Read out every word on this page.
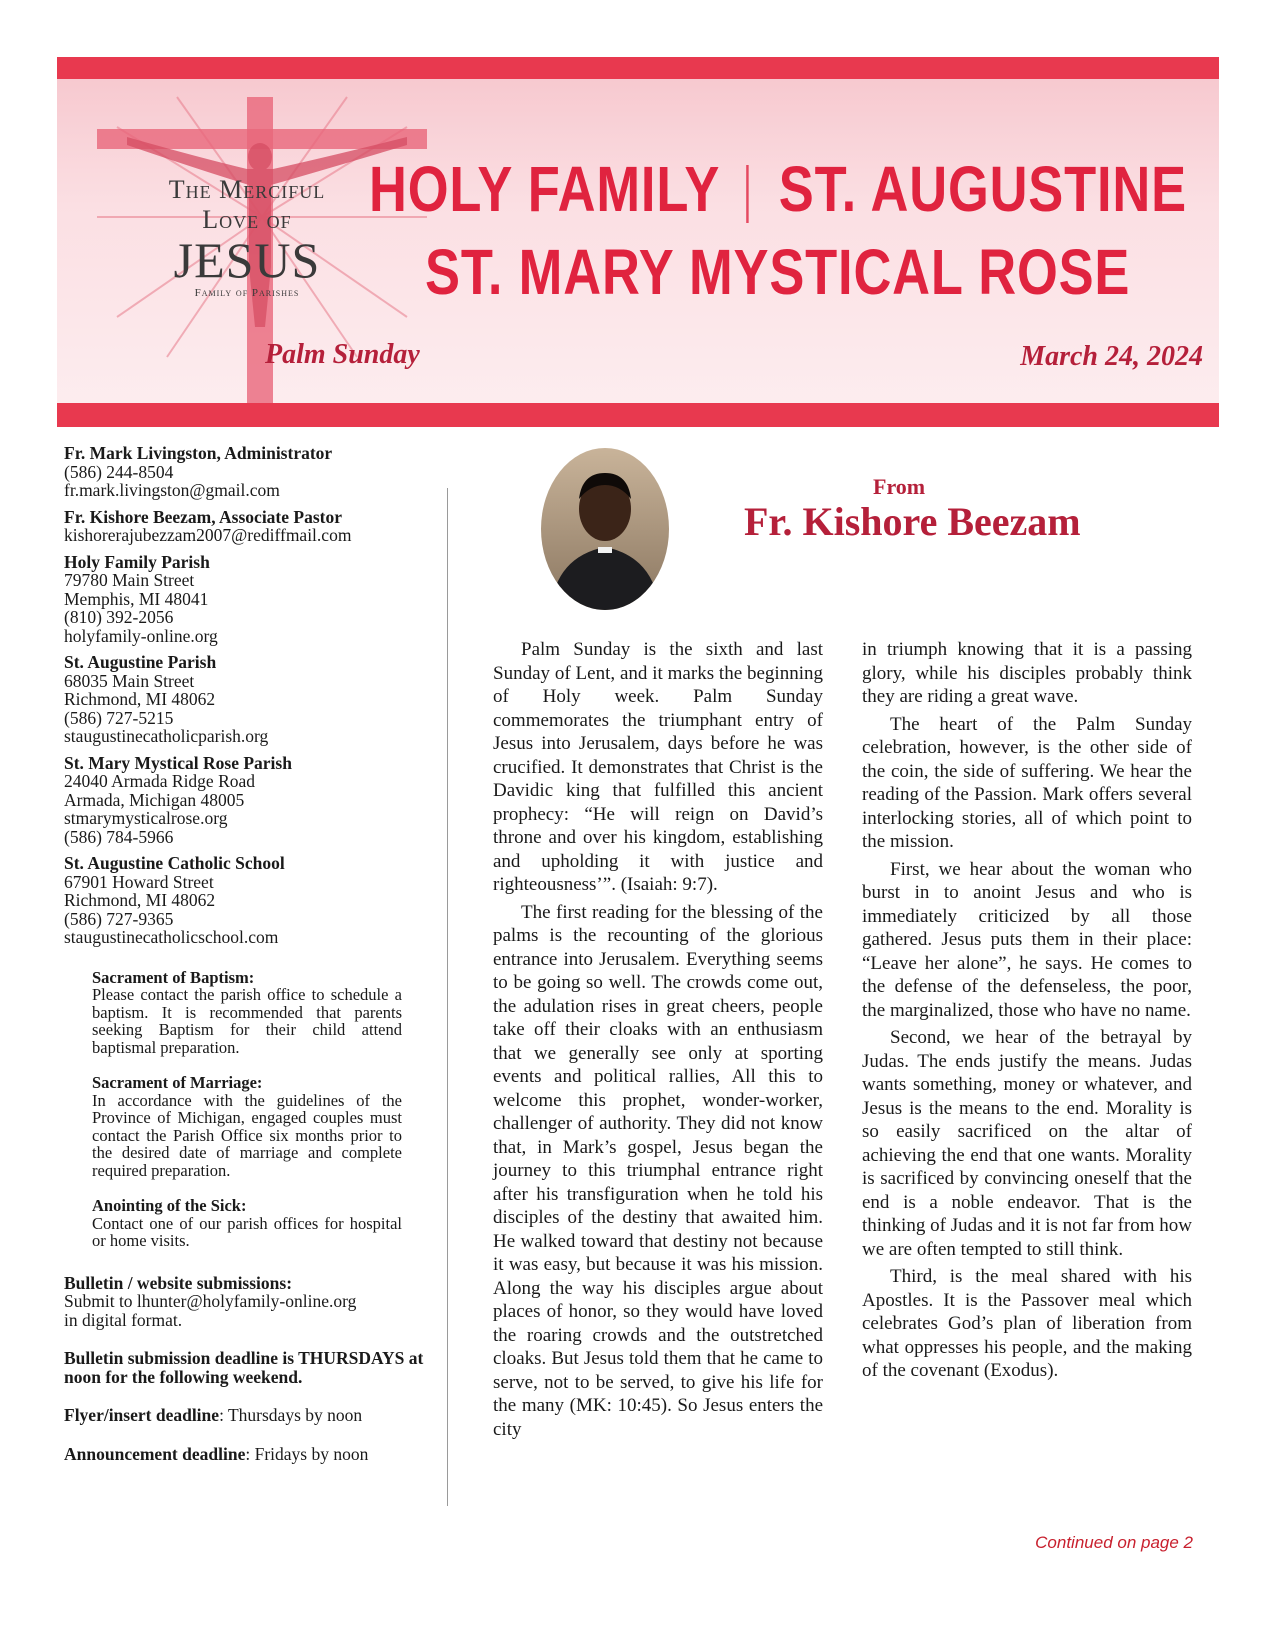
The Merciful
Love of
JESUS
Family of Parishes
HOLY FAMILY ST. AUGUSTINE
ST. MARY MYSTICAL ROSE
Palm Sunday	March 24, 2024
Fr. Mark Livingston, Administrator
(586) 244-8504
fr.mark.livingston@gmail.com
Fr. Kishore Beezam, Associate Pastor
kishorerajubezzam2007@rediffmail.com
Holy Family Parish
79780 Main Street
Memphis, MI 48041
(810) 392-2056
holyfamily-online.org
St. Augustine Parish
68035 Main Street
Richmond, MI 48062
(586) 727-5215
staugustinecatholicparish.org
St. Mary Mystical Rose Parish
24040 Armada Ridge Road
Armada, Michigan 48005
stmarymysticalrose.org
(586) 784-5966
St. Augustine Catholic School
67901 Howard Street
Richmond, MI 48062
(586) 727-9365
staugustinecatholicschool.com
Sacrament of Baptism:
Please contact the parish office to schedule a baptism. It is recommended that parents seeking Baptism for their child attend baptismal preparation.
Sacrament of Marriage:
In accordance with the guidelines of the Province of Michigan, engaged couples must contact the Parish Office six months prior to the desired date of marriage and complete required preparation.
Anointing of the Sick:
Contact one of our parish offices for hospital or home visits.

Bulletin / website submissions:
Submit to lhunter@holyfamily-online.org
in digital format.

Bulletin submission deadline is THURSDAYS at noon for the following weekend.

Flyer/insert deadline: Thursdays by noon

Announcement deadline: Fridays by noon

From
Fr. Kishore Beezam

Palm Sunday is the sixth and last Sunday of Lent, and it marks the beginning of Holy week. Palm Sunday commemorates the triumphant entry of Jesus into Jerusalem, days before he was crucified. It demonstrates that Christ is the Davidic king that fulfilled this ancient prophecy: “He will reign on David’s throne and over his kingdom, establishing and upholding it with justice and righteousness’”. (Isaiah: 9:7).

The first reading for the blessing of the palms is the recounting of the glorious entrance into Jerusalem. Everything seems to be going so well. The crowds come out, the adulation rises in great cheers, people take off their cloaks with an enthusiasm that we generally see only at sporting events and political rallies, All this to welcome this prophet, wonder-worker, challenger of authority. They did not know that, in Mark’s gospel, Jesus began the journey to this triumphal entrance right after his transfiguration when he told his disciples of the destiny that awaited him. He walked toward that destiny not because it was easy, but because it was his mission. Along the way his disciples argue about places of honor, so they would have loved the roaring crowds and the outstretched cloaks. But Jesus told them that he came to serve, not to be served, to give his life for the many (MK: 10:45). So Jesus enters the city

in triumph knowing that it is a passing glory, while his disciples probably think they are riding a great wave.

The heart of the Palm Sunday celebration, however, is the other side of the coin, the side of suffering. We hear the reading of the Passion. Mark offers several interlocking stories, all of which point to the mission.

First, we hear about the woman who burst in to anoint Jesus and who is immediately criticized by all those gathered. Jesus puts them in their place: “Leave her alone”, he says. He comes to the defense of the defenseless, the poor, the marginalized, those who have no name.

Second, we hear of the betrayal by Judas. The ends justify the means. Judas wants something, money or whatever, and Jesus is the means to the end. Morality is so easily sacrificed on the altar of achieving the end that one wants. Morality is sacrificed by convincing oneself that the end is a noble endeavor. That is the thinking of Judas and it is not far from how we are often tempted to still think.

Third, is the meal shared with his Apostles. It is the Passover meal which celebrates God’s plan of liberation from what oppresses his people, and the making of the covenant (Exodus).

Continued on page 2
